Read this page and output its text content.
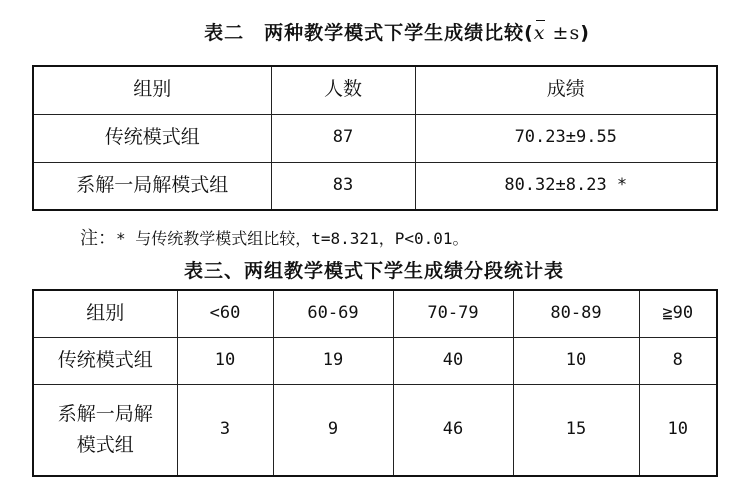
表二　两种教学模式下学生成绩比较(x ±s)
组别	人数	成绩
传统模式组	87	70.23±9.55
系解一局解模式组	83	80.32±8.23 *
注：* 与传统教学模式组比较，t=8.321，P<0.01。
表三、两组教学模式下学生成绩分段统计表
组别	<60	60-69	70-79	80-89	≧90
传统模式组	10	19	40	10	8
系解一局解
模式组	3	9	46	15	10
